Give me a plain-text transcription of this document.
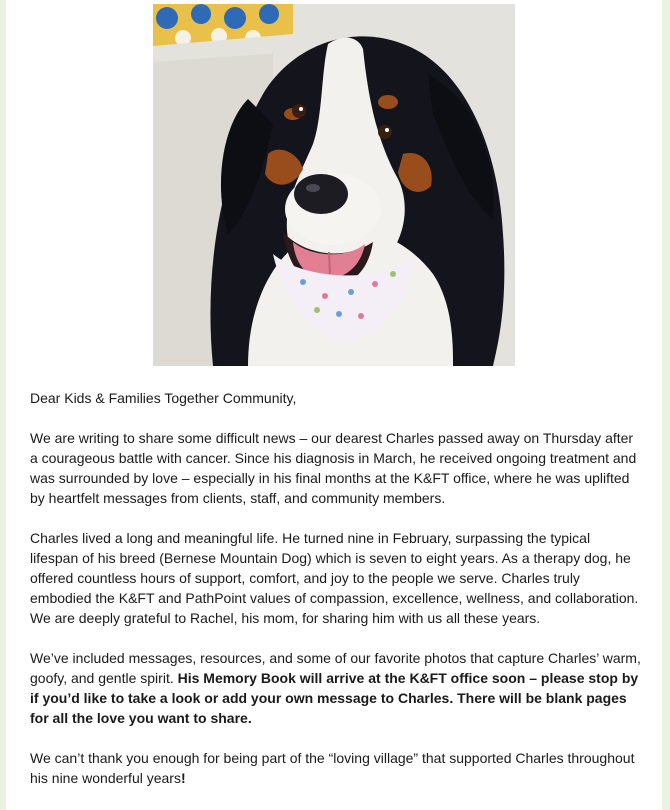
Dear Kids & Families Together Community,

We are writing to share some difficult news – our dearest Charles passed away on Thursday after a courageous battle with cancer. Since his diagnosis in March, he received ongoing treatment and was surrounded by love – especially in his final months at the K&FT office, where he was uplifted by heartfelt messages from clients, staff, and community members.

Charles lived a long and meaningful life. He turned nine in February, surpassing the typical lifespan of his breed (Bernese Mountain Dog) which is seven to eight years. As a therapy dog, he offered countless hours of support, comfort, and joy to the people we serve. Charles truly embodied the K&FT and PathPoint values of compassion, excellence, wellness, and collaboration. We are deeply grateful to Rachel, his mom, for sharing him with us all these years.

We’ve included messages, resources, and some of our favorite photos that capture Charles’ warm, goofy, and gentle spirit. His Memory Book will arrive at the K&FT office soon – please stop by if you’d like to take a look or add your own message to Charles. There will be blank pages for all the love you want to share.

We can’t thank you enough for being part of the “loving village” that supported Charles throughout his nine wonderful years!
